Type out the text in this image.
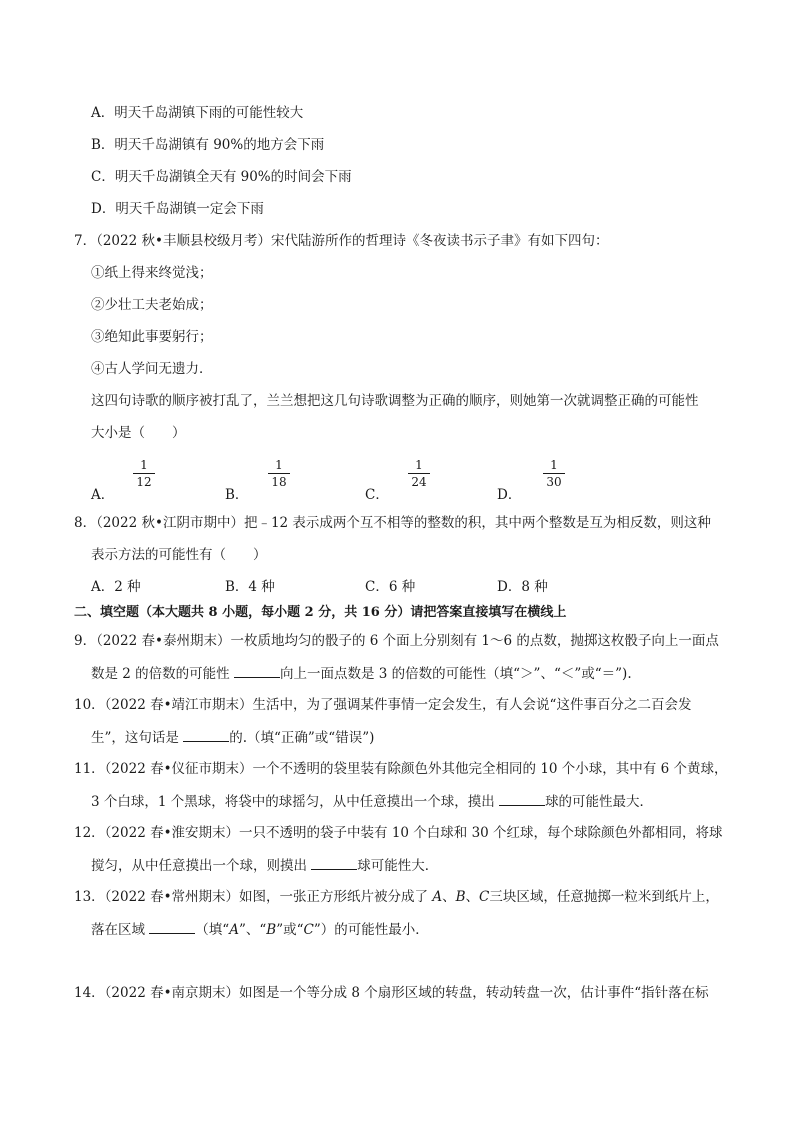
A．明天千岛湖镇下雨的可能性较大
B．明天千岛湖镇有 90%的地方会下雨
C．明天千岛湖镇全天有 90%的时间会下雨
D．明天千岛湖镇一定会下雨
7．（2022 秋•丰顺县校级月考）宋代陆游所作的哲理诗《冬夜读书示子聿》有如下四句：
①纸上得来终觉浅；
②少壮工夫老始成；
③绝知此事要躬行；
④古人学问无遗力．
这四句诗歌的顺序被打乱了，兰兰想把这几句诗歌调整为正确的顺序，则她第一次就调整正确的可能性
大小是（　　）
A．
1
12
B．
1
18
C．
1
24
D．
1
30
8．（2022 秋•江阴市期中）把﹣12 表示成两个互不相等的整数的积，其中两个整数是互为相反数，则这种
表示方法的可能性有（　　）
A．2 种	B．4 种	C．6 种	D．8 种
二、填空题（本大题共 8 小题，每小题 2 分，共 16 分）请把答案直接填写在横线上
9．（2022 春•泰州期末）一枚质地均匀的骰子的 6 个面上分别刻有 1～6 的点数，抛掷这枚骰子向上一面点
数是 2 的倍数的可能性	向上一面点数是 3 的倍数的可能性（填“＞”、“＜”或“＝”).
10．（2022 春•靖江市期末）生活中，为了强调某件事情一定会发生，有人会说“这件事百分之二百会发
生”，这句话是	的.（填“正确”或“错误”)
11．（2022 春•仪征市期末）一个不透明的袋里装有除颜色外其他完全相同的 10 个小球，其中有 6 个黄球，
3 个白球，1 个黑球，将袋中的球摇匀，从中任意摸出一个球，摸出	球的可能性最大．
12．（2022 春•淮安期末）一只不透明的袋子中装有 10 个白球和 30 个红球，每个球除颜色外都相同，将球
搅匀，从中任意摸出一个球，则摸出	球可能性大．
13．（2022 春•常州期末）如图，一张正方形纸片被分成了 A、B、C三块区域，任意抛掷一粒米到纸片上，
落在区域	（填“A”、“B”或“C”）的可能性最小．
14．（2022 春•南京期末）如图是一个等分成 8 个扇形区域的转盘，转动转盘一次，估计事件“指针落在标
